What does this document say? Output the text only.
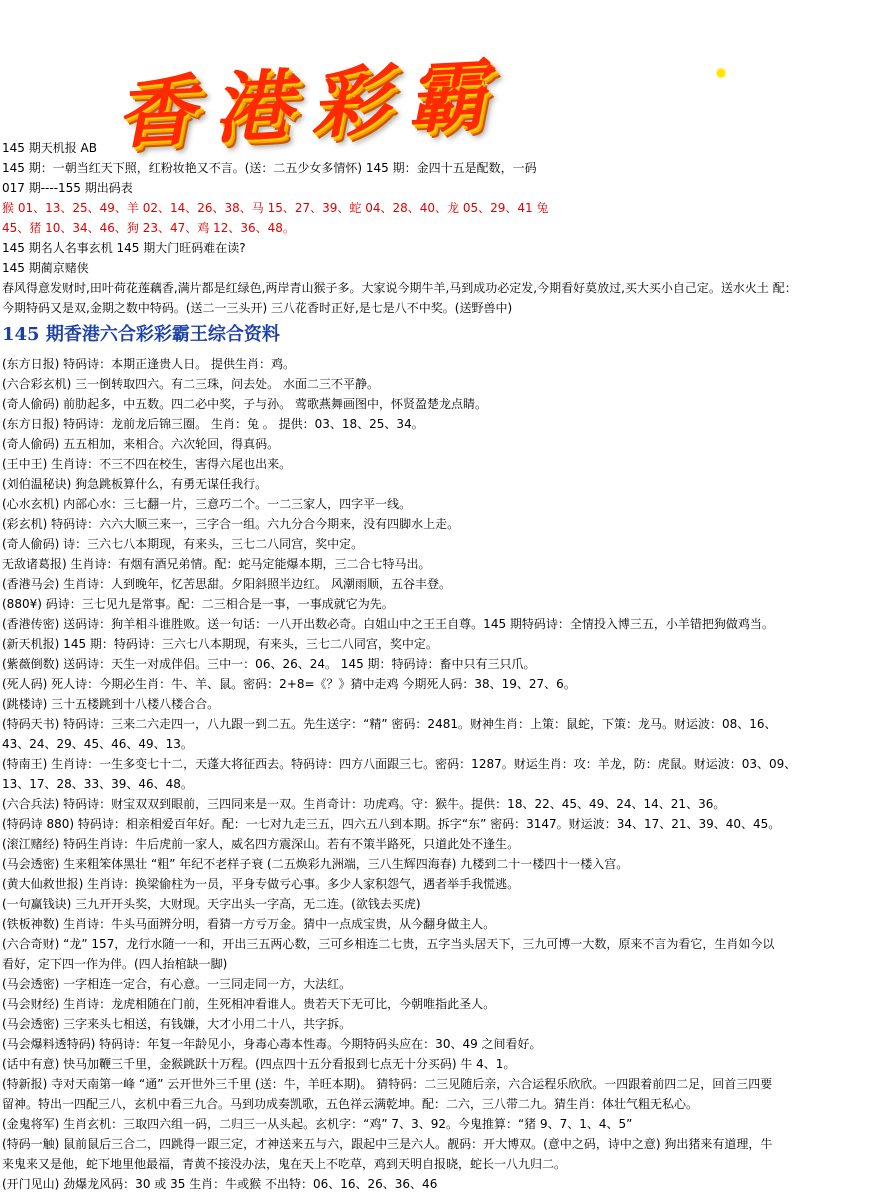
香港彩霸
145 期天机报 AB
145 期：一朝当红天下照，红粉妆艳又不言。(送：二五少女多情怀) 145 期：金四十五是配数，一码
017 期----155 期出码表
猴 01、13、25、49、羊 02、14、26、38、马 15、27、39、蛇 04、28、40、龙 05、29、41 兔
45、猪 10、34、46、狗 23、47、鸡 12、36、48。
145 期名人名事玄机 145 期大门旺码难在读?
145 期蔺京赌侠
春风得意发财时,田叶荷花莲藕香,满片都是红绿色,两岸青山猴子多。大家说今期牛羊,马到成功必定发,今期看好莫放过,买大买小自己定。送水火土 配：
今期特码又是双,金期之数中特码。(送二一三头开) 三八花香时正好,是七是八不中奖。(送野兽中)
145 期香港六合彩彩霸王综合资料
(东方日报) 特码诗：本期正逢贵人日。 提供生肖：鸡。
(六合彩玄机) 三一倒转取四六。有二三珠，问去处。 水面二三不平静。
(奇人偷码) 前肋起多，中五数。四二必中奖，子与孙。 莺歌燕舞画图中，怀贤盈楚龙点睛。
(东方日报) 特码诗：龙前龙后锦三圈。 生肖：兔 。 提供：03、18、25、34。
(奇人偷码) 五五相加，来相合。六次轮回，得真码。
(王中王) 生肖诗：不三不四在校生，害得六尾也出来。
(刘伯温秘诀) 狗急跳板算什么，有勇无谋任我行。
(心水玄机) 内部心水：三七翻一片，三意巧二个。一二三家人，四字平一线。
(彩玄机) 特码诗：六六大顺三来一，三字合一组。六九分合今期来，没有四脚水上走。
(奇人偷码) 诗：三六七八本期现，有来头，三七二八同宫，奖中定。
无敌诸葛报) 生肖诗：有烟有酒兄弟情。配：蛇马定能爆本期，三二合七特马出。
(香港马会) 生肖诗：人到晚年，忆苦思甜。夕阳斜照半边红。 风潮雨顺，五谷丰登。
(880¥) 码诗：三七见九是常事。配：二三相合是一事，一事成就它为先。
(香港传密) 送码诗：狗羊相斗谁胜败。送一句话：一八开出数必奇。白姐山中之王王自尊。145 期特码诗：全情投入博三五，小羊错把狗做鸡当。
(新天机报) 145 期：特码诗：三六七八本期现，有来头，三七二八同宫，奖中定。
(紫薇倒数) 送码诗：天生一对成伴侣。三中一：06、26、24。 145 期：特码诗：畜中只有三只爪。
(死人码) 死人诗：今期必生肖：牛、羊、鼠。密码：2+8=《？》猜中走鸡 今期死人码：38、19、27、6。
(跳楼诗) 三十五楼跳到十八楼八楼合合。
(特码天书) 特码诗：三来二六走四一，八九跟一到二五。先生送字：“精” 密码：2481。财神生肖：上策：鼠蛇，下策：龙马。财运波：08、16、
43、24、29、45、46、49、13。
(特南王) 生肖诗：一生多变七十二，天蓬大将征西去。特码诗：四方八面跟三七。密码：1287。财运生肖：攻：羊龙，防：虎鼠。财运波：03、09、
13、17、28、33、39、46、48。
(六合兵法) 特码诗：财宝双双到眼前，三四同来是一双。生肖奇计：功虎鸡。守：猴牛。提供：18、22、45、49、24、14、21、36。
(特码诗 880) 特码诗：相亲相爱百年好。配：一七对九走三五，四六五八到本期。拆字“东” 密码：3147。财运波：34、17、21、39、40、45。
(滚江赌经) 特码生肖诗：牛后虎前一家人，威名四方震深山。若有不策半路死，只道此处不逢生。
(马会透密) 生来粗笨体黑壮 “粗” 年纪不老样子衰 (二五焕彩九洲端，三八生辉四海春) 九楼到二十一楼四十一楼入宫。
(黄大仙救世报) 生肖诗：换梁偷柱为一员，平身专做亏心事。多少人家积怨气，遇者举手我慌逃。
(一句赢钱诀) 三九开开头奖，大财现。天字出头一字高，无二连。(欲钱去买虎)
(铁板神数) 生肖诗：牛头马面辨分明，看猜一方亏万金。猜中一点成宝贵，从今翻身做主人。
(六合奇财) “龙” 157，龙行水随一一和，开出三五两心数，三可乡相连二七贵，五字当头居天下，三九可博一大数，原来不言为看它，生肖如今以
看好，定下四一作为伴。(四人抬棺缺一脚)
(马会透密) 一字相连一定合，有心意。一三同走同一方，大法红。
(马会财经) 生肖诗：龙虎相随在门前，生死相冲看谁人。贵若天下无可比，今朝唯指此圣人。
(马会透密) 三字来头七相送，有钱嫌，大才小用二十八，共字拆。
(马会爆料透特码) 特码诗：年复一年龄见小，身毒心毒本性毒。今期特码头应在：30、49 之间看好。
(话中有意) 快马加鞭三千里，金猴跳跃十万程。(四点四十五分看报到七点无十分买码) 牛 4、1。
(特新报) 寺对天南第一峰 “通” 云开世外三千里 (送：牛，羊旺本期)。 猜特码：二三见随后亲，六合运程乐欣欣。一四跟着前四二足，回首三四要
留神。特出一四配三八，玄机中看三九合。马到功成奏凯歌，五色祥云满乾坤。配：二六，三八带二九。猜生肖：体壮气粗无私心。
(金鬼将军) 生肖玄机：三取四六组一码，二归三一从头起。玄机字：“鸡” 7、3、92。今鬼推算：“猪 9、7、1、4、5”
(特码一触) 鼠前鼠后三合二，四跳得一跟三定，才神送来五与六，跟起中三是六人。靓码：开大博双。(意中之码，诗中之意) 狗出猪来有道理，牛
来鬼来又是他，蛇下地里他最福，青黄不接没办法，鬼在天上不吃草，鸡到天明自报晓，蛇长一八九归二。
(开门见山) 劲爆龙风码：30 或 35 生肖：牛或猴 不出特：06、16、26、36、46
